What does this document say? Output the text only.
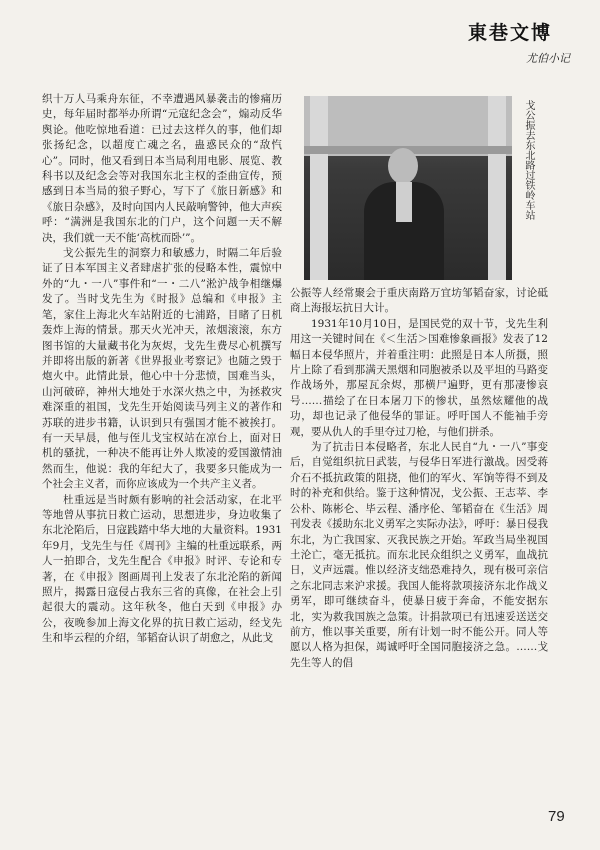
東巷文博
尤伯小记

织十万人马乘舟东征，不幸遭遇风暴袭击的惨痛历史，每年届时都举办所谓“元寇纪念会”，煽动反华舆论。他吃惊地看道：已过去这样久的事，他们却张扬纪念，以超度亡魂之名，蛊惑民众的“敌忾心”。同时，他又看到日本当局利用电影、展览、教科书以及纪念会等对我国东北主权的歪曲宣传，预感到日本当局的狼子野心，写下了《旅日新感》和《旅日杂感》，及时向国内人民敲响警钟，他大声疾呼：“满洲是我国东北的门户，这个问题一天不解决，我们就一天不能‘高枕而卧’”。

戈公振先生的洞察力和敏感力，时隔二年后验证了日本军国主义者肆虐扩张的侵略本性，震惊中外的“九・一八”事件和“一・二八”淞沪战争相继爆发了。当时戈先生为《时报》总编和《申报》主笔，家住上海北火车站附近的七浦路，目睹了日机轰炸上海的情景。那天火光冲天，浓烟滚滚，东方图书馆的大量藏书化为灰烬，戈先生费尽心机撰写并即将出版的新著《世界报业考察记》也随之毁于炮火中。此情此景，他心中十分悲愤，国难当头，山河破碎，神州大地处于水深火热之中，为拯救灾难深重的祖国，戈先生开始阅读马列主义的著作和苏联的进步书籍，认识到只有强国才能不被挨打。有一天早晨，他与侄儿戈宝权站在凉台上，面对日机的骚扰，一种决不能再让外人欺凌的爱国激情油然而生，他说：我的年纪大了，我要多只能成为一个社会主义者，而你应该成为一个共产主义者。

杜重远是当时颇有影响的社会活动家，在北平等地曾从事抗日救亡运动，思想进步，身边收集了东北沦陷后，日寇践踏中华大地的大量资料。1931年9月，戈先生与任《周刊》主编的杜重远联系，两人一拍即合，戈先生配合《申报》时评、专论和专著，在《申报》图画周刊上发表了东北沦陷的新闻照片，揭露日寇侵占我东三省的真像，在社会上引起很大的震动。这年秋冬，他白天到《申报》办公，夜晚参加上海文化界的抗日救亡运动，经戈先生和毕云程的介绍，邹韬奋认识了胡愈之，从此戈

戈公振去东北路过铁岭车站

公振等人经常聚会于重庆南路万宜坊邹韬奋家，讨论砥商上海报坛抗日大计。

1931年10月10日，是国民党的双十节，戈先生利用这一关键时间在《＜生活＞国难惨象画报》发表了12幅日本侵华照片，并着重注明：此照是日本人所摄，照片上除了看到那满天黑烟和同胞被杀以及平坦的马路变作战场外，那屋瓦余烬，那横尸遍野，更有那凄惨哀号……描绘了在日本屠刀下的惨状，虽然炫耀他的战功，却也记录了他侵华的罪证。呼吁国人不能袖手旁观，要从仇人的手里夺过刀枪，与他们拼杀。

为了抗击日本侵略者，东北人民自“九・一八”事变后，自觉组织抗日武装，与侵华日军进行激战。因受蒋介石不抵抗政策的阻挠，他们的军火、军饷等得不到及时的补充和供给。鉴于这种情况，戈公振、王志莘、李公朴、陈彬仑、毕云程、潘序伦、邹韬奋在《生活》周刊发表《援助东北义勇军之实际办法》，呼吁：暴日侵我东北，为亡我国家、灭我民族之开始。军政当局坐视国土沦亡，毫无抵抗。而东北民众组织之义勇军，血战抗日，义声远震。惟以经济支绌恐难持久，现有极可亲信之东北同志来沪求援。我国人能将款项接济东北作战义勇军，即可继续奋斗，使暴日疲于奔命，不能安据东北，实为救我国族之急策。计捐款项已有迅速妥送送交前方，惟以事关重要，所有计划一时不能公开。同人等愿以人格为担保，竭诚呼吁全国同胞接济之急。……戈先生等人的倡

79
